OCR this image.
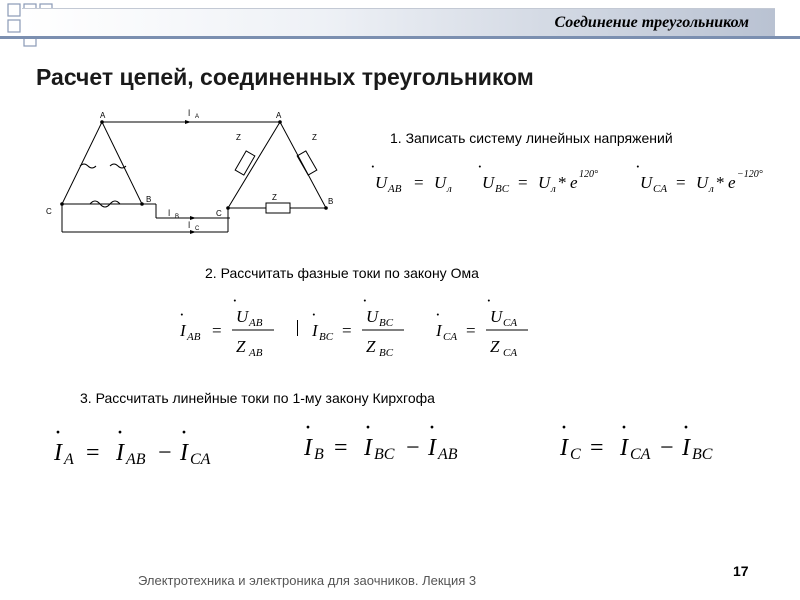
Соединение треугольником
Расчет цепей, соединенных треугольником
A
B
C
A
B
C
İ A
İ B
İ C
Z	Z
Z
1. Записать систему линейных напряжений
2. Рассчитать фазные токи по закону Ома
3. Рассчитать линейные токи по 1-му закону Кирхгофа
U
·
AB = U л U
·
BC = U л * e 120° U
·
CA = U л * e −120°
I
·
AB =
U
·
AB
Z AB
I
·
BC =
U
·
BC
Z BC
I
·
CA =
U
·
CA
Z CA
I
·
A = I
·
AB − I
·
CA	I
·
B = I
·
BC − I
·
AB	I
·
C = I
·
CA − I
·
BC
Электротехника и электроника для заочников. Лекция 3
17
